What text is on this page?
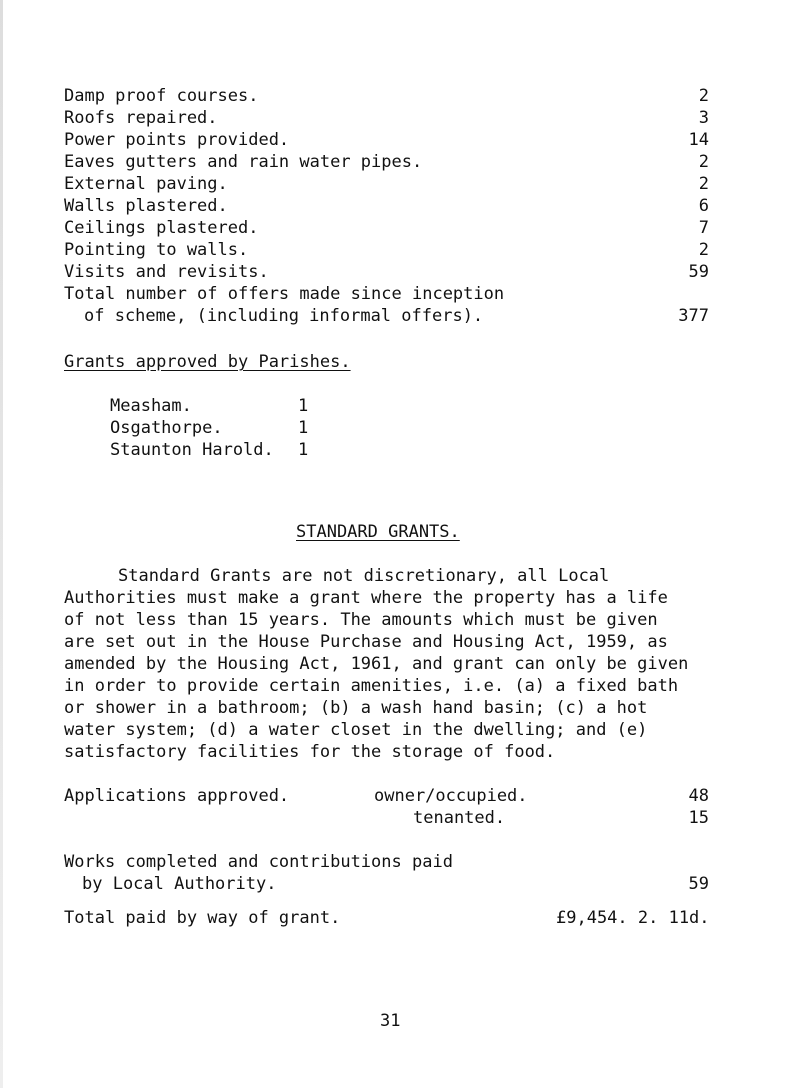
Damp proof courses.	2
Roofs repaired.	3
Power points provided.	14
Eaves gutters and rain water pipes.	2
External paving.	2
Walls plastered.	6
Ceilings plastered.	7
Pointing to walls.	2
Visits and revisits.	59
Total number of offers made since inception
of scheme, (including informal offers).	377
Grants approved by Parishes.
Measham.	1
Osgathorpe.	1
Staunton Harold. 1
STANDARD GRANTS.
Standard Grants are not discretionary, all Local
Authorities must make a grant where the property has a life
of not less than 15 years. The amounts which must be given
are set out in the House Purchase and Housing Act, 1959, as
amended by the Housing Act, 1961, and grant can only be given
in order to provide certain amenities, i.e. (a) a fixed bath
or shower in a bathroom; (b) a wash hand basin; (c) a hot
water system; (d) a water closet in the dwelling; and (e)
satisfactory facilities for the storage of food.
Applications approved.	owner/occupied.	48
tenanted.	15
Works completed and contributions paid
by Local Authority.	59
Total paid by way of grant.	£9,454. 2. 11d.
31
